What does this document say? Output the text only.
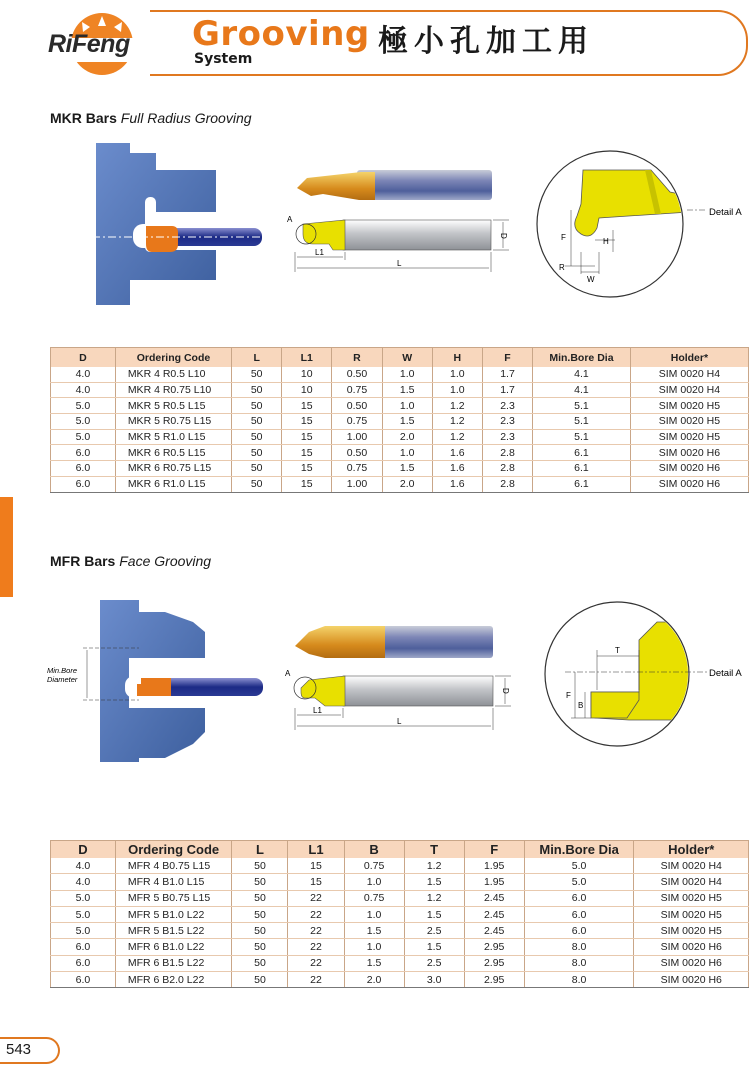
RiFeng Grooving
System	極小孔加工用
MKR Bars Full Radius Grooving
A
L1
L
D	F	H
W
R
Detail A
D	Ordering Code	L	L1	R	W	H	F	Min.Bore Dia	Holder*
4.0	MKR 4 R0.5 L10	50	10	0.50	1.0	1.0	1.7	4.1	SIM 0020 H4
4.0	MKR 4 R0.75 L10	50	10	0.75	1.5	1.0	1.7	4.1	SIM 0020 H4
5.0	MKR 5 R0.5 L15	50	15	0.50	1.0	1.2	2.3	5.1	SIM 0020 H5
5.0	MKR 5 R0.75 L15	50	15	0.75	1.5	1.2	2.3	5.1	SIM 0020 H5
5.0	MKR 5 R1.0 L15	50	15	1.00	2.0	1.2	2.3	5.1	SIM 0020 H5
6.0	MKR 6 R0.5 L15	50	15	0.50	1.0	1.6	2.8	6.1	SIM 0020 H6
6.0	MKR 6 R0.75 L15	50	15	0.75	1.5	1.6	2.8	6.1	SIM 0020 H6
6.0	MKR 6 R1.0 L15	50	15	1.00	2.0	1.6	2.8	6.1	SIM 0020 H6
MFR Bars Face Grooving
Min.Bore
Diameter
A
L1
L
D
T
F
B
Detail A
D	Ordering Code	L	L1	B	T	F	Min.Bore Dia	Holder*
4.0	MFR 4 B0.75 L15	50	15	0.75	1.2	1.95	5.0	SIM 0020 H4
4.0	MFR 4 B1.0 L15	50	15	1.0	1.5	1.95	5.0	SIM 0020 H4
5.0	MFR 5 B0.75 L15	50	22	0.75	1.2	2.45	6.0	SIM 0020 H5
5.0	MFR 5 B1.0 L22	50	22	1.0	1.5	2.45	6.0	SIM 0020 H5
5.0	MFR 5 B1.5 L22	50	22	1.5	2.5	2.45	6.0	SIM 0020 H5
6.0	MFR 6 B1.0 L22	50	22	1.0	1.5	2.95	8.0	SIM 0020 H6
6.0	MFR 6 B1.5 L22	50	22	1.5	2.5	2.95	8.0	SIM 0020 H6
6.0	MFR 6 B2.0 L22	50	22	2.0	3.0	2.95	8.0	SIM 0020 H6
543
